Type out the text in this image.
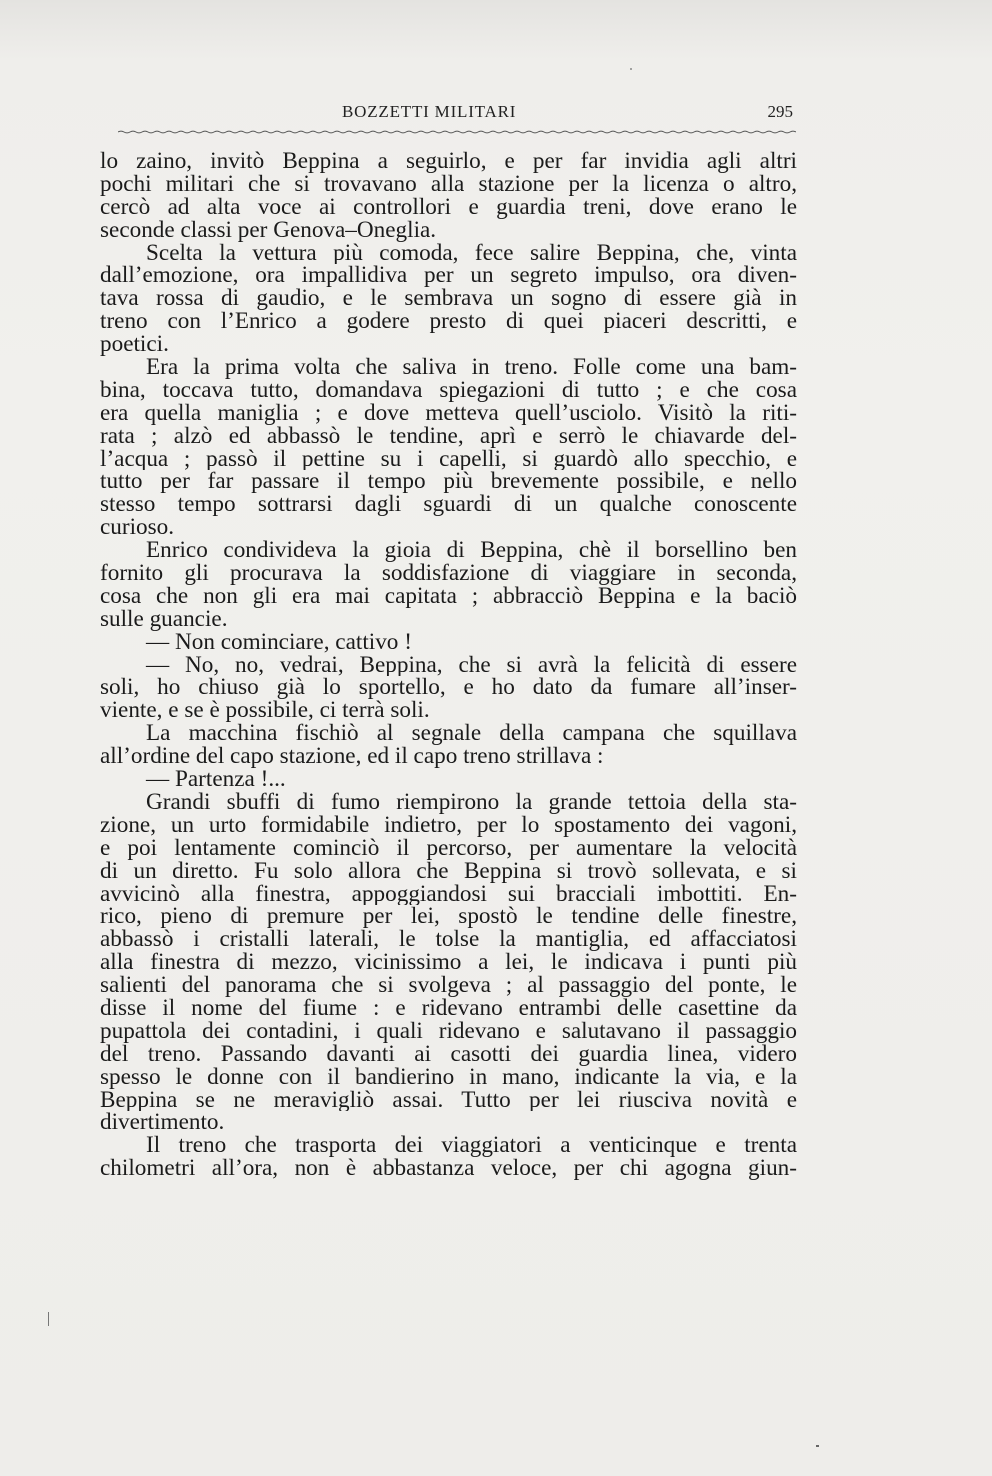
BOZZETTI MILITARI	295
lo zaino, invitò Beppina a seguirlo, e per far invidia agli altri
pochi militari che si trovavano alla stazione per la licenza o altro,
cercò ad alta voce ai controllori e guardia treni, dove erano le
seconde classi per Genova–Oneglia.
Scelta la vettura più comoda, fece salire Beppina, che, vinta
dall’emozione, ora impallidiva per un segreto impulso, ora diven-
tava rossa di gaudio, e le sembrava un sogno di essere già in
treno con l’Enrico a godere presto di quei piaceri descritti, e
poetici.
Era la prima volta che saliva in treno. Folle come una bam-
bina, toccava tutto, domandava spiegazioni di tutto ; e che cosa
era quella maniglia ; e dove metteva quell’usciolo. Visitò la riti-
rata ; alzò ed abbassò le tendine, aprì e serrò le chiavarde del-
l’acqua ; passò il pettine su i capelli, si guardò allo specchio, e
tutto per far passare il tempo più brevemente possibile, e nello
stesso tempo sottrarsi dagli sguardi di un qualche conoscente
curioso.
Enrico condivideva la gioia di Beppina, chè il borsellino ben
fornito gli procurava la soddisfazione di viaggiare in seconda,
cosa che non gli era mai capitata ; abbracciò Beppina e la baciò
sulle guancie.
— Non cominciare, cattivo !
— No, no, vedrai, Beppina, che si avrà la felicità di essere
soli, ho chiuso già lo sportello, e ho dato da fumare all’inser-
viente, e se è possibile, ci terrà soli.
La macchina fischiò al segnale della campana che squillava
all’ordine del capo stazione, ed il capo treno strillava :
— Partenza !...
Grandi sbuffi di fumo riempirono la grande tettoia della sta-
zione, un urto formidabile indietro, per lo spostamento dei vagoni,
e poi lentamente cominciò il percorso, per aumentare la velocità
di un diretto. Fu solo allora che Beppina si trovò sollevata, e si
avvicinò alla finestra, appoggiandosi sui bracciali imbottiti. En-
rico, pieno di premure per lei, spostò le tendine delle finestre,
abbassò i cristalli laterali, le tolse la mantiglia, ed affacciatosi
alla finestra di mezzo, vicinissimo a lei, le indicava i punti più
salienti del panorama che si svolgeva ; al passaggio del ponte, le
disse il nome del fiume : e ridevano entrambi delle casettine da
pupattola dei contadini, i quali ridevano e salutavano il passaggio
del treno. Passando davanti ai casotti dei guardia linea, videro
spesso le donne con il bandierino in mano, indicante la via, e la
Beppina se ne meravigliò assai. Tutto per lei riusciva novità e
divertimento.
Il treno che trasporta dei viaggiatori a venticinque e trenta
chilometri all’ora, non è abbastanza veloce, per chi agogna giun-
